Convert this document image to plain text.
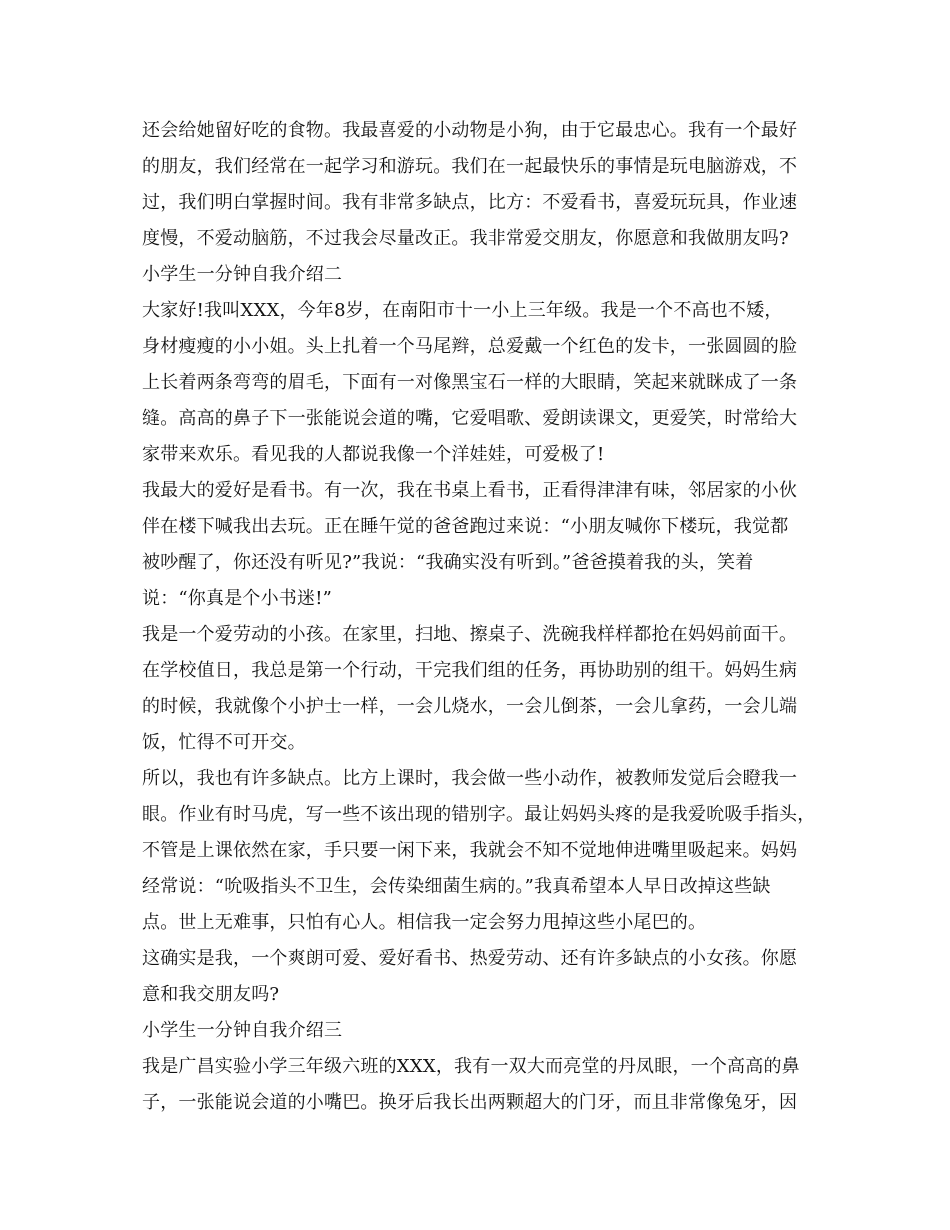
还会给她留好吃的食物。我最喜爱的小动物是小狗，由于它最忠心。我有一个最好
的朋友，我们经常在一起学习和游玩。我们在一起最快乐的事情是玩电脑游戏，不
过，我们明白掌握时间。我有非常多缺点，比方：不爱看书，喜爱玩玩具，作业速
度慢，不爱动脑筋，不过我会尽量改正。我非常爱交朋友，你愿意和我做朋友吗?
小学生一分钟自我介绍二
大家好!我叫XXX，今年8岁，在南阳市十一小上三年级。我是一个不高也不矮，
身材瘦瘦的小小姐。头上扎着一个马尾辫，总爱戴一个红色的发卡，一张圆圆的脸
上长着两条弯弯的眉毛，下面有一对像黑宝石一样的大眼睛，笑起来就眯成了一条
缝。高高的鼻子下一张能说会道的嘴，它爱唱歌、爱朗读课文，更爱笑，时常给大
家带来欢乐。看见我的人都说我像一个洋娃娃，可爱极了!
我最大的爱好是看书。有一次，我在书桌上看书，正看得津津有味，邻居家的小伙
伴在楼下喊我出去玩。正在睡午觉的爸爸跑过来说：“小朋友喊你下楼玩，我觉都
被吵醒了，你还没有听见?”我说：“我确实没有听到。”爸爸摸着我的头，笑着
说：“你真是个小书迷!”
我是一个爱劳动的小孩。在家里，扫地、擦桌子、洗碗我样样都抢在妈妈前面干。
在学校值日，我总是第一个行动，干完我们组的任务，再协助别的组干。妈妈生病
的时候，我就像个小护士一样，一会儿烧水，一会儿倒茶，一会儿拿药，一会儿端
饭，忙得不可开交。
所以，我也有许多缺点。比方上课时，我会做一些小动作，被教师发觉后会瞪我一
眼。作业有时马虎，写一些不该出现的错别字。最让妈妈头疼的是我爱吮吸手指头，
不管是上课依然在家，手只要一闲下来，我就会不知不觉地伸进嘴里吸起来。妈妈
经常说：“吮吸指头不卫生，会传染细菌生病的。”我真希望本人早日改掉这些缺
点。世上无难事，只怕有心人。相信我一定会努力甩掉这些小尾巴的。
这确实是我，一个爽朗可爱、爱好看书、热爱劳动、还有许多缺点的小女孩。你愿
意和我交朋友吗?
小学生一分钟自我介绍三
我是广昌实验小学三年级六班的XXX，我有一双大而亮堂的丹凤眼，一个高高的鼻
子，一张能说会道的小嘴巴。换牙后我长出两颗超大的门牙，而且非常像兔牙，因
